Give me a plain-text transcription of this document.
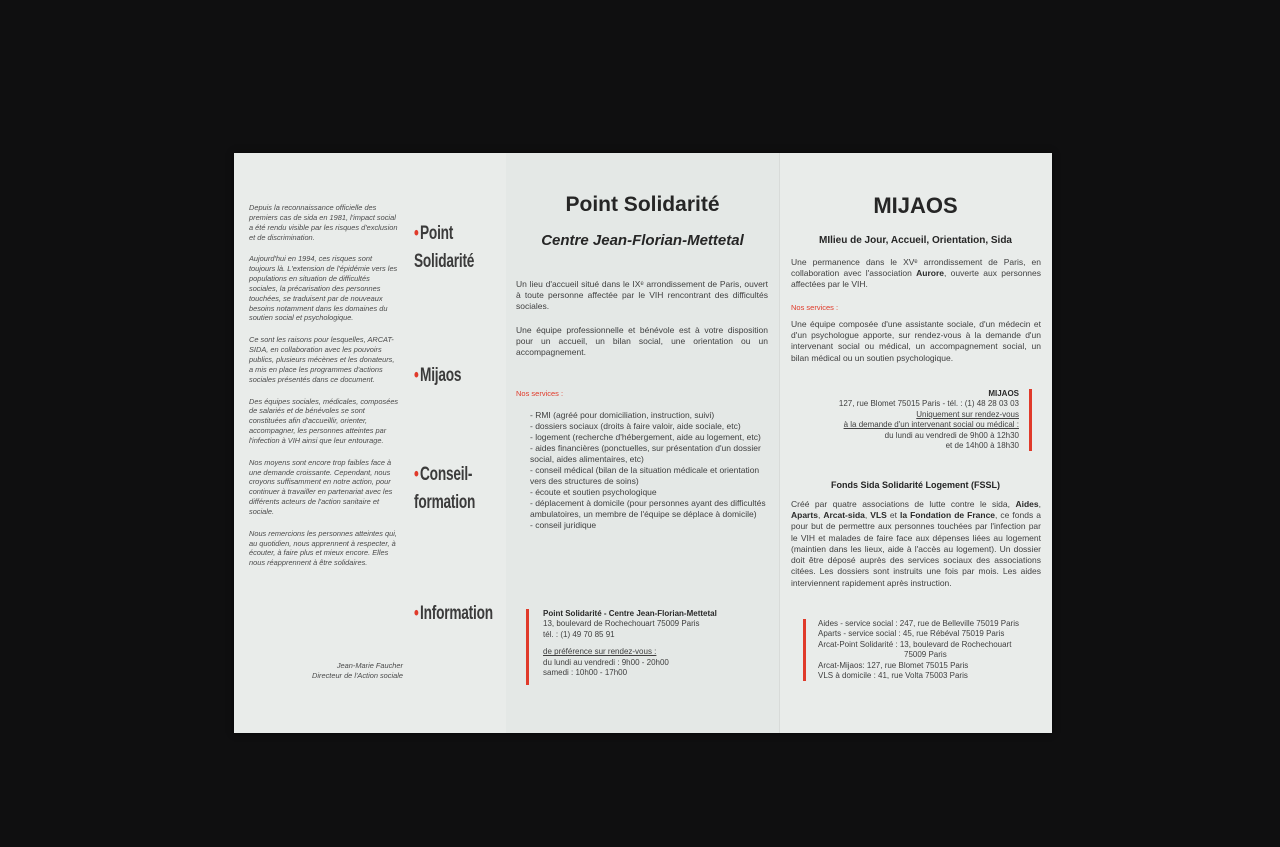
Depuis la reconnaissance officielle des premiers cas de sida en 1981, l'impact social a été rendu visible par les risques d'exclusion et de discrimination.

Aujourd'hui en 1994, ces risques sont toujours là. L'extension de l'épidémie vers les populations en situation de difficultés sociales, la précarisation des personnes touchées, se traduisent par de nouveaux besoins notamment dans les domaines du soutien social et psychologique.

Ce sont les raisons pour lesquelles, ARCAT-SIDA, en collaboration avec les pouvoirs publics, plusieurs mécènes et les donateurs, a mis en place les programmes d'actions sociales présentés dans ce document.

Des équipes sociales, médicales, composées de salariés et de bénévoles se sont constituées afin d'accueillir, orienter, accompagner, les personnes atteintes par l'infection à VIH ainsi que leur entourage.

Nos moyens sont encore trop faibles face à une demande croissante. Cependant, nous croyons suffisamment en notre action, pour continuer à travailler en partenariat avec les différents acteurs de l'action sanitaire et sociale.

Nous remercions les personnes atteintes qui, au quotidien, nous apprennent à respecter, à écouter, à faire plus et mieux encore. Elles nous réapprennent à être solidaires.

Jean-Marie Faucher
Directeur de l'Action sociale
•Point
Solidarité
•Mijaos
•Conseil-
formation
•Information
Point Solidarité
Centre Jean-Florian-Mettetal

Un lieu d'accueil situé dans le IXᵉ arrondissement de Paris, ouvert à toute personne affectée par le VIH rencontrant des difficultés sociales.

Une équipe professionnelle et bénévole est à votre disposition pour un accueil, un bilan social, une orientation ou un accompagnement.

Nos services :
- RMI (agréé pour domiciliation, instruction, suivi)
- dossiers sociaux (droits à faire valoir, aide sociale, etc)
- logement (recherche d'hébergement, aide au logement, etc)
- aides financières (ponctuelles, sur présentation d'un dossier social, aides alimentaires, etc)
- conseil médical (bilan de la situation médicale et orientation vers des structures de soins)
- écoute et soutien psychologique
- déplacement à domicile (pour personnes ayant des difficultés ambulatoires, un membre de l'équipe se déplace à domicile)
- conseil juridique
Point Solidarité - Centre Jean-Florian-Mettetal
13, boulevard de Rochechouart 75009 Paris
tél. : (1) 49 70 85 91
de préférence sur rendez-vous :
du lundi au vendredi : 9h00 - 20h00
samedi : 10h00 - 17h00
MIJAOS
MIlieu de Jour, Accueil, Orientation, Sida

Une permanence dans le XVᵉ arrondissement de Paris, en collaboration avec l'association Aurore, ouverte aux personnes affectées par le VIH.

Nos services :

Une équipe composée d'une assistante sociale, d'un médecin et d'un psychologue apporte, sur rendez-vous à la demande d'un intervenant social ou médical, un accompagnement social, un bilan médical ou un soutien psychologique.

MIJAOS
127, rue Blomet 75015 Paris - tél. : (1) 48 28 03 03
Uniquement sur rendez-vous
à la demande d'un intervenant social ou médical :
du lundi au vendredi de 9h00 à 12h30
et de 14h00 à 18h30
Fonds Sida Solidarité Logement (FSSL)

Créé par quatre associations de lutte contre le sida, Aides, Aparts, Arcat-sida, VLS et la Fondation de France, ce fonds a pour but de permettre aux personnes touchées par l'infection par le VIH et malades de faire face aux dépenses liées au logement (maintien dans les lieux, aide à l'accès au logement). Un dossier doit être déposé auprès des services sociaux des associations citées. Les dossiers sont instruits une fois par mois. Les aides interviennent rapidement après instruction.

Aides - service social : 247, rue de Belleville 75019 Paris
Aparts - service social : 45, rue Rébéval 75019 Paris
Arcat-Point Solidarité : 13, boulevard de Rochechouart
75009 Paris
Arcat-Mijaos: 127, rue Blomet 75015 Paris
VLS à domicile : 41, rue Volta 75003 Paris
